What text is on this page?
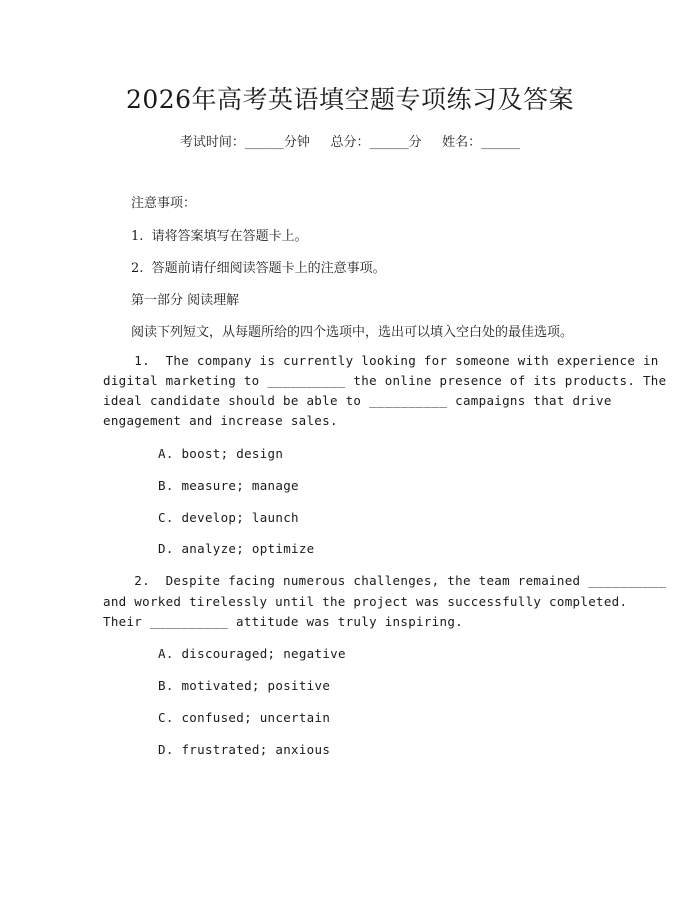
2026年高考英语填空题专项练习及答案
考试时间：______分钟     总分：______分     姓名：______
注意事项：
1.  请将答案填写在答题卡上。
2.  答题前请仔细阅读答题卡上的注意事项。
第一部分 阅读理解
阅读下列短文，从每题所给的四个选项中，选出可以填入空白处的最佳选项。
1.  The company is currently looking for someone with experience in
digital marketing to __________ the online presence of its products. The
ideal candidate should be able to __________ campaigns that drive
engagement and increase sales.
A. boost; design
B. measure; manage
C. develop; launch
D. analyze; optimize
2.  Despite facing numerous challenges, the team remained __________
and worked tirelessly until the project was successfully completed.
Their __________ attitude was truly inspiring.
A. discouraged; negative
B. motivated; positive
C. confused; uncertain
D. frustrated; anxious
